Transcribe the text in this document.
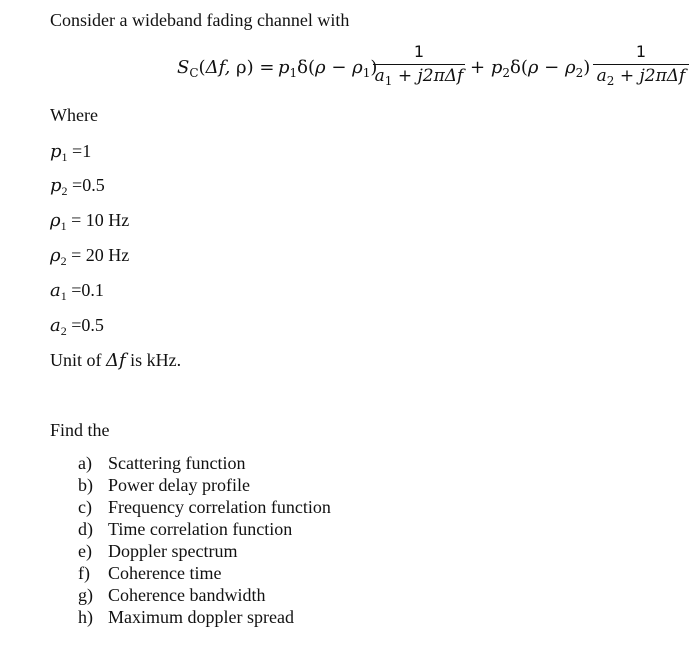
Consider a wideband fading channel with
$S_C(\Delta f$, $\rho) = p_1\delta(\rho - \rho_1)$
1
$a_1 + j2\pi\Delta f + p_2\delta(\rho - \rho_2)$
1
$a_2 + j2\pi\Delta f$
Where
$p_1 =1$
$p_2 =0.5$
$\rho_1 = 10$ Hz
$\rho_2 = 20$ Hz
$a_1 =0.1$
$a_2 =0.5$
Unit of Δf is kHz.
Find the
a) Scattering function
b) Power delay profile
c) Frequency correlation function
d) Time correlation function
e) Doppler spectrum
f) Coherence time
g) Coherence bandwidth
h) Maximum doppler spread
